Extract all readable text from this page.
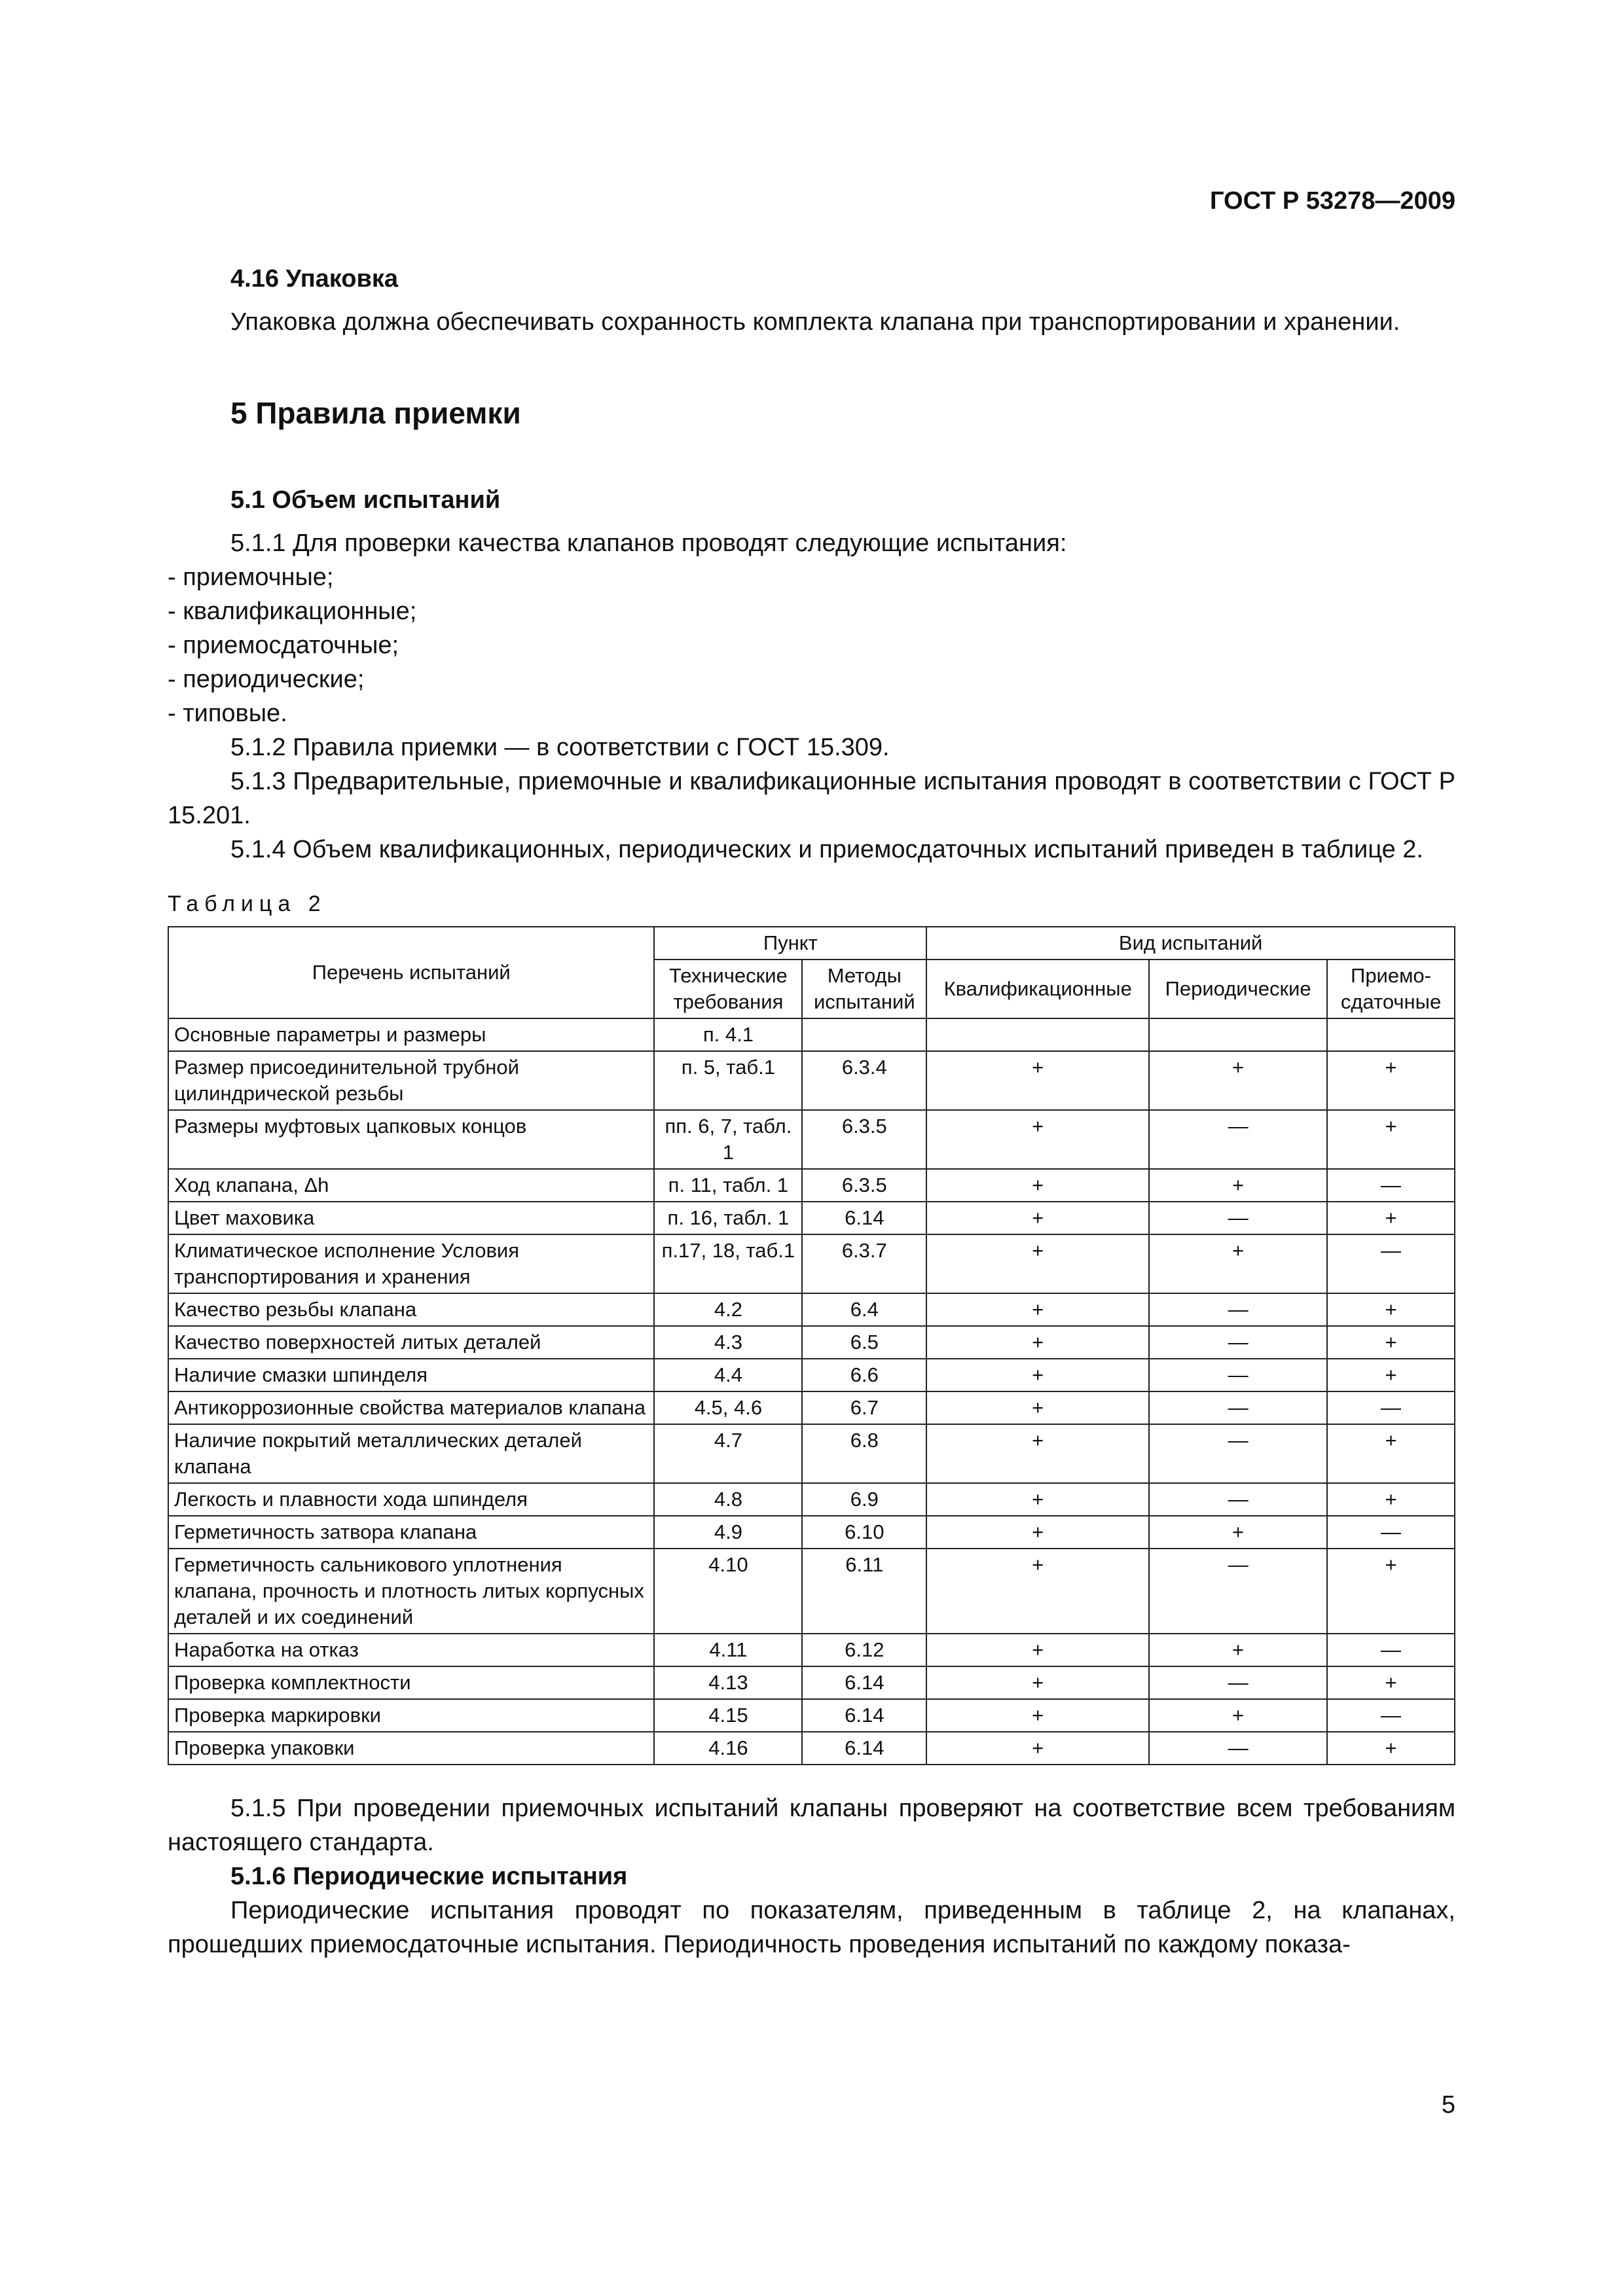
ГОСТ Р 53278—2009
4.16 Упаковка

Упаковка должна обеспечивать сохранность комплекта клапана при транспортировании и хранении.

5 Правила приемки
5.1 Объем испытаний

5.1.1 Для проверки качества клапанов проводят следующие испытания:

- приемочные;
- квалификационные;
- приемосдаточные;
- периодические;
- типовые.

5.1.2 Правила приемки — в соответствии с ГОСТ 15.309.

5.1.3 Предварительные, приемочные и квалификационные испытания проводят в соответствии с ГОСТ Р 15.201.

5.1.4 Объем квалификационных, периодических и приемосдаточных испытаний приведен в таблице 2.

Таблица 2
Перечень испытаний	Пункт		Вид испытаний		
	Технические требования	Методы испытаний	Квалификационные	Периодические	Приемо-сдаточные
Основные параметры и размеры	п. 4.1				
Размер присоединительной трубной цилиндрической резьбы	п. 5, таб.1	6.3.4	+	+	+
Размеры муфтовых цапковых концов	пп. 6, 7, табл. 1	6.3.5	+	—	+
Ход клапана, Δh	п. 11, табл. 1	6.3.5	+	+	—
Цвет маховика	п. 16, табл. 1	6.14	+	—	+
Климатическое исполнение Условия транспортирования и хранения	п.17, 18, таб.1	6.3.7	+	+	—
Качество резьбы клапана	4.2	6.4	+	—	+
Качество поверхностей литых деталей	4.3	6.5	+	—	+
Наличие смазки шпинделя	4.4	6.6	+	—	+
Антикоррозионные свойства материалов клапана	4.5, 4.6	6.7	+	—	—
Наличие покрытий металлических деталей клапана	4.7	6.8	+	—	+
Легкость и плавности хода шпинделя	4.8	6.9	+	—	+
Герметичность затвора клапана	4.9	6.10	+	+	—
Герметичность сальникового уплотнения клапана, прочность и плотность литых корпусных деталей и их соединений	4.10	6.11	+	—	+
Наработка на отказ	4.11	6.12	+	+	—
Проверка комплектности	4.13	6.14	+	—	+
Проверка маркировки	4.15	6.14	+	+	—
Проверка упаковки	4.16	6.14	+	—	+

5.1.5 При проведении приемочных испытаний клапаны проверяют на соответствие всем требованиям настоящего стандарта.

5.1.6 Периодические испытания

Периодические испытания проводят по показателям, приведенным в таблице 2, на клапанах, прошедших приемосдаточные испытания. Периодичность проведения испытаний по каждому показа-

5
